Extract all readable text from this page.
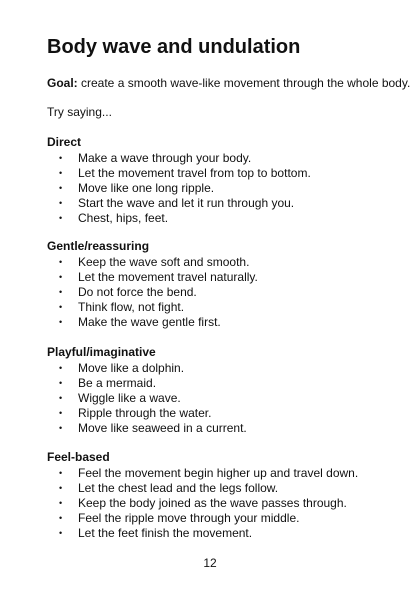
Body wave and undulation

Goal: create a smooth wave-like movement through the whole body.

Try saying...

Direct
•	Make a wave through your body.
•	Let the movement travel from top to bottom.
•	Move like one long ripple.
•	Start the wave and let it run through you.
•	Chest, hips, feet.
Gentle/reassuring
•	Keep the wave soft and smooth.
•	Let the movement travel naturally.
•	Do not force the bend.
•	Think flow, not fight.
•	Make the wave gentle first.
Playful/imaginative
•	Move like a dolphin.
•	Be a mermaid.
•	Wiggle like a wave.
•	Ripple through the water.
•	Move like seaweed in a current.
Feel-based
•	Feel the movement begin higher up and travel down.
•	Let the chest lead and the legs follow.
•	Keep the body joined as the wave passes through.
•	Feel the ripple move through your middle.
•	Let the feet finish the movement.
12
